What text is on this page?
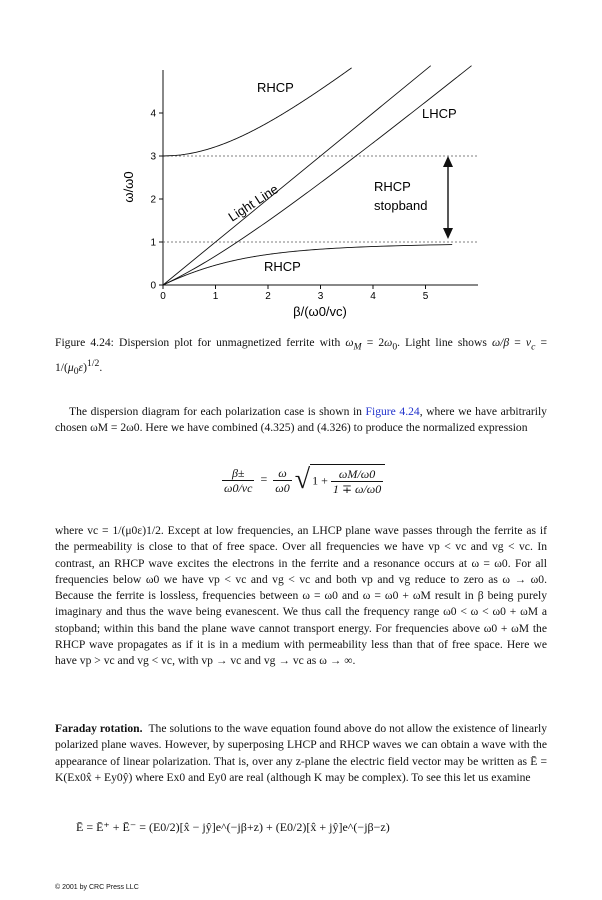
0	1	2	3	4	5
0
1
2
3
4
ω/ω0
β/(ω0/vc)
RHCP
LHCP
Light Line	RHCP
stopband
RHCP
Figure 4.24: Dispersion plot for unmagnetized ferrite with $\omega_M = 2\omega_0$. Light line shows $\omega/\beta = v_c = 1/(\mu_0\varepsilon)^{1/2}$.
The dispersion diagram for each polarization case is shown in Figure 4.24, where we have arbitrarily chosen ωM = 2ω0. Here we have combined (4.325) and (4.326) to produce the normalized expression
$\frac{\beta\pm}{\omega 0/vc} = \frac{\omega}{\omega 0}$ √ $1 + \frac{\omega M/\omega 0}{1 \mp \omega/\omega 0}$
where vc = 1/(μ0ε)1/2. Except at low frequencies, an LHCP plane wave passes through the ferrite as if the permeability is close to that of free space. Over all frequencies we have vp < vc and vg < vc. In contrast, an RHCP wave excites the electrons in the ferrite and a resonance occurs at ω = ω0. For all frequencies below ω0 we have vp < vc and vg < vc and both vp and vg reduce to zero as ω → ω0. Because the ferrite is lossless, frequencies between ω = ω0 and ω = ω0 + ωM result in β being purely imaginary and thus the wave being evanescent. We thus call the frequency range ω0 < ω < ω0 + ωM a stopband; within this band the plane wave cannot transport energy. For frequencies above ω0 + ωM the RHCP wave propagates as if it is in a medium with permeability less than that of free space. Here we have vp > vc and vg < vc, with vp → vc and vg → vc as ω → ∞.
Faraday rotation. The solutions to the wave equation found above do not allow the existence of linearly polarized plane waves. However, by superposing LHCP and RHCP waves we can obtain a wave with the appearance of linear polarization. That is, over any z-plane the electric field vector may be written as Ē = K(Ex0x̂ + Ey0ŷ) where Ex0 and Ey0 are real (although K may be complex). To see this let us examine
Ē = Ē⁺ + Ē⁻ = (E0/2)[x̂ − jŷ]e^(−jβ+z) + (E0/2)[x̂ + jŷ]e^(−jβ−z)
© 2001 by CRC Press LLC
